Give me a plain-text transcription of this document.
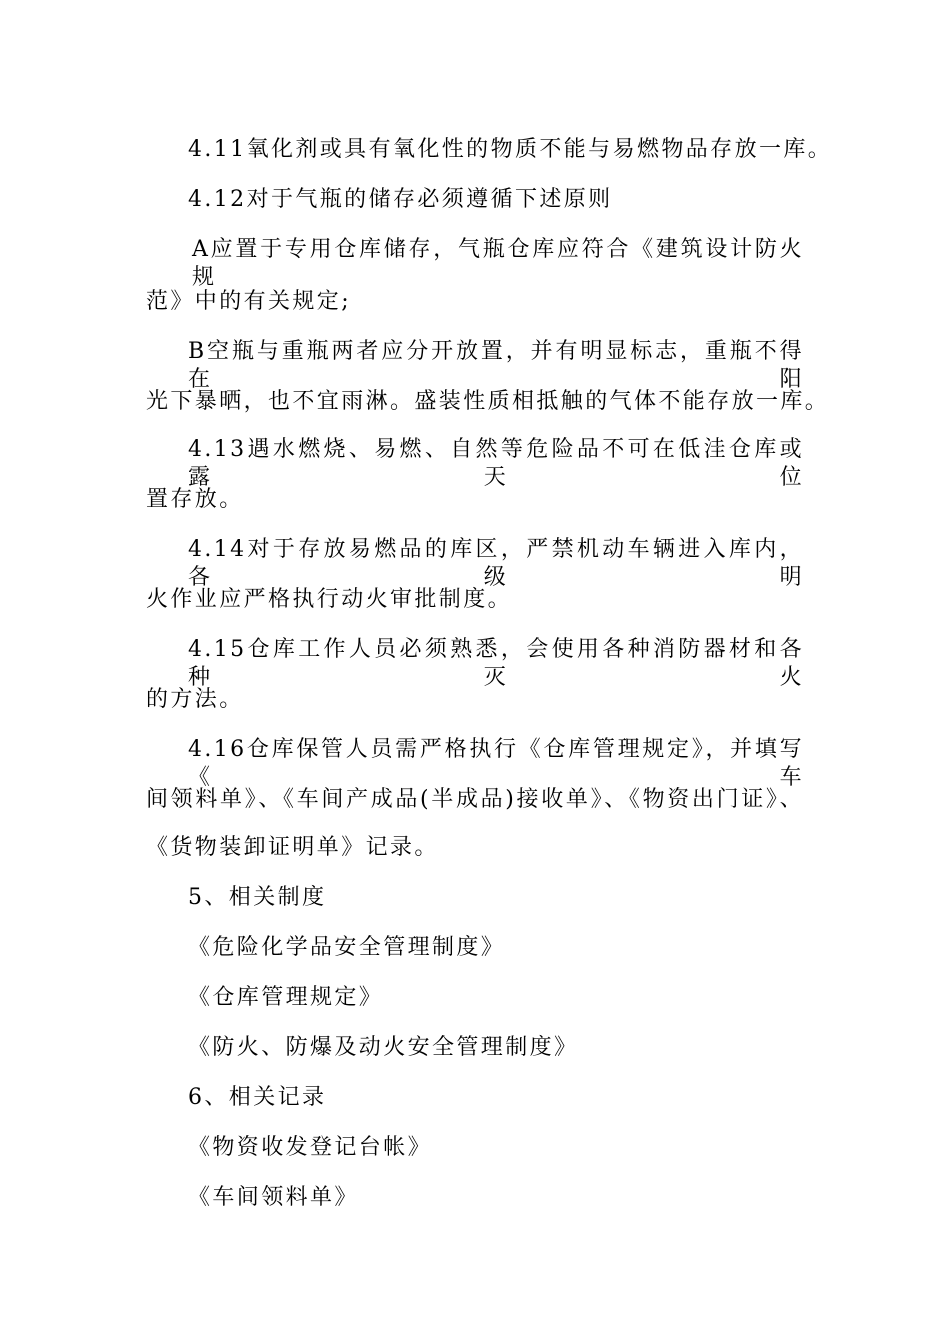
4.11氧化剂或具有氧化性的物质不能与易燃物品存放一库。
4.12对于气瓶的储存必须遵循下述原则
A应置于专用仓库储存，气瓶仓库应符合《建筑设计防火规
范》中的有关规定;
B空瓶与重瓶两者应分开放置，并有明显标志，重瓶不得在阳
光下暴晒，也不宜雨淋。盛装性质相抵触的气体不能存放一库。
4.13遇水燃烧、易燃、自然等危险品不可在低洼仓库或露天位
置存放。
4.14对于存放易燃品的库区，严禁机动车辆进入库内，各级明
火作业应严格执行动火审批制度。
4.15仓库工作人员必须熟悉，会使用各种消防器材和各种灭火
的方法。
4.16仓库保管人员需严格执行《仓库管理规定》，并填写《车
间领料单》、《车间产成品(半成品)接收单》、《物资出门证》、
《货物装卸证明单》记录。
5、相关制度
《危险化学品安全管理制度》
《仓库管理规定》
《防火、防爆及动火安全管理制度》
6、相关记录
《物资收发登记台帐》
《车间领料单》
